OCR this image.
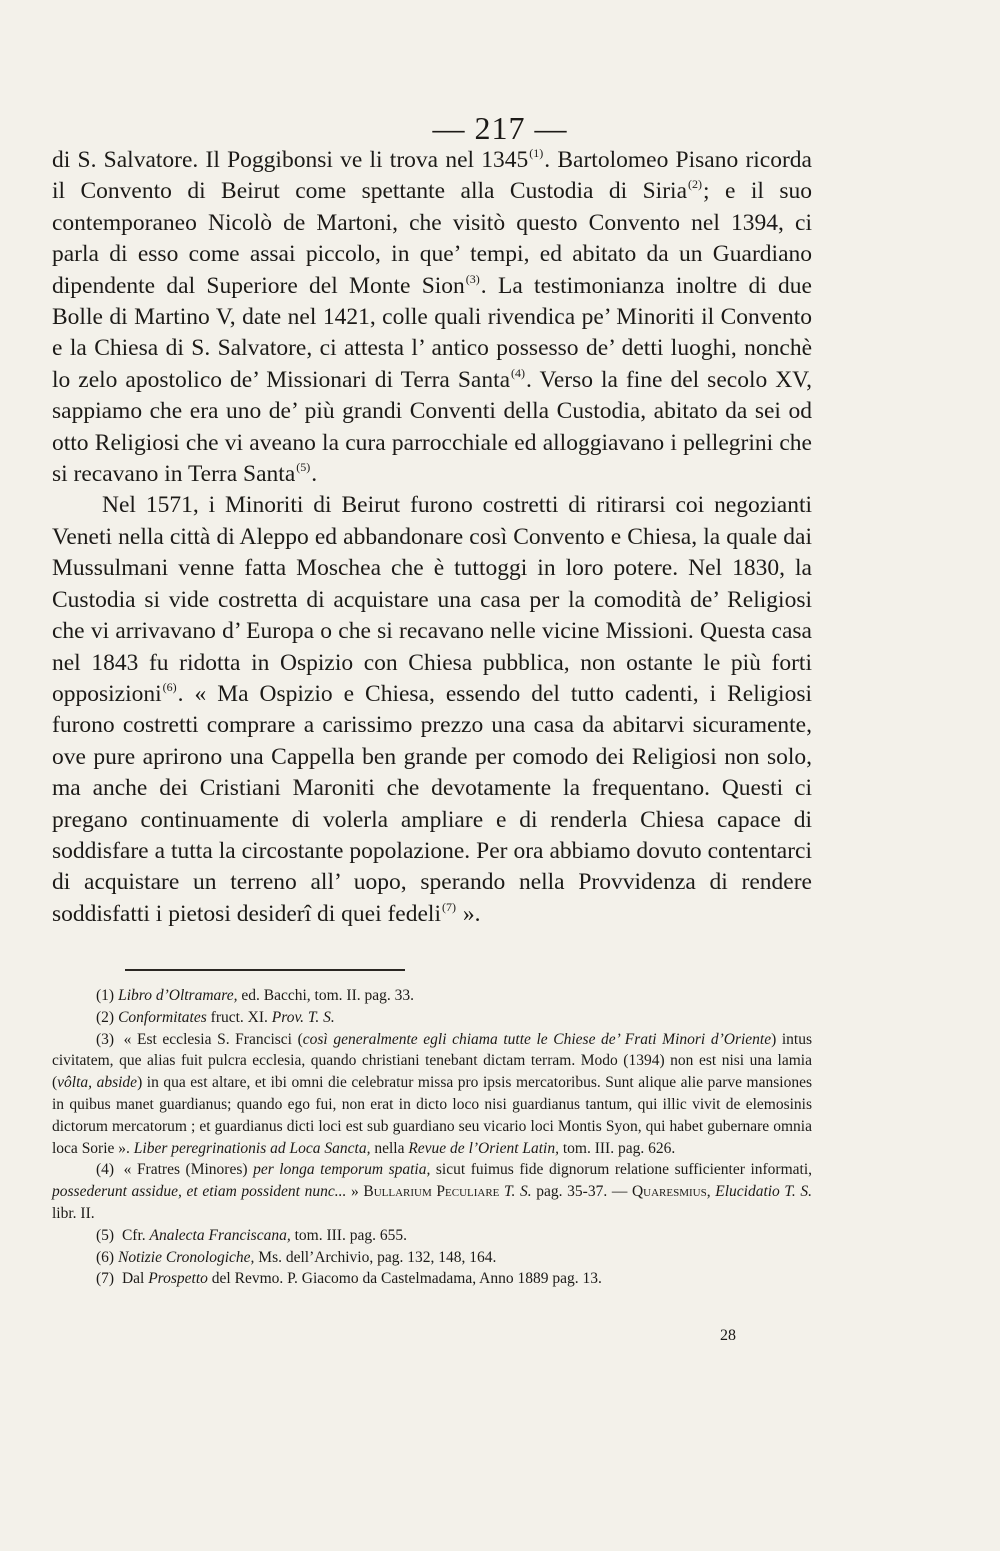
— 217 —

di S. Salvatore. Il Poggibonsi ve li trova nel 1345$^{(1)}$. Bartolomeo Pisano ricorda il Convento di Beirut come spettante alla Custodia di Siria$^{(2)}$; e il suo contemporaneo Nicolò de Martoni, che visitò questo Convento nel 1394, ci parla di esso come assai piccolo, in que’ tempi, ed abitato da un Guardiano dipendente dal Superiore del Monte Sion$^{(3)}$. La testimonianza inoltre di due Bolle di Martino V, date nel 1421, colle quali rivendica pe’ Minoriti il Convento e la Chiesa di S. Salvatore, ci attesta l’ antico possesso de’ detti luoghi, nonchè lo zelo apostolico de’ Missionari di Terra Santa$^{(4)}$. Verso la fine del secolo XV, sappiamo che era uno de’ più grandi Conventi della Custodia, abitato da sei od otto Religiosi che vi aveano la cura parrocchiale ed alloggiavano i pellegrini che si recavano in Terra Santa$^{(5)}$.

Nel 1571, i Minoriti di Beirut furono costretti di ritirarsi coi negozianti Veneti nella città di Aleppo ed abbandonare così Convento e Chiesa, la quale dai Mussulmani venne fatta Moschea che è tuttoggi in loro potere. Nel 1830, la Custodia si vide costretta di acquistare una casa per la comodità de’ Religiosi che vi arrivavano d’ Europa o che si recavano nelle vicine Missioni. Questa casa nel 1843 fu ridotta in Ospizio con Chiesa pubblica, non ostante le più forti opposizioni$^{(6)}$. « Ma Ospizio e Chiesa, essendo del tutto cadenti, i Religiosi furono costretti comprare a carissimo prezzo una casa da abitarvi sicuramente, ove pure aprirono una Cappella ben grande per comodo dei Religiosi non solo, ma anche dei Cristiani Maroniti che devotamente la frequentano. Questi ci pregano continuamente di volerla ampliare e di renderla Chiesa capace di soddisfare a tutta la circostante popolazione. Per ora abbiamo dovuto contentarci di acquistare un terreno all’ uopo, sperando nella Provvidenza di rendere soddisfatti i pietosi desiderî di quei fedeli$^{(7)}$ ».

(1) Libro d’Oltramare, ed. Bacchi, tom. II. pag. 33.

(2) Conformitates fruct. XI. Prov. T. S.

(3) « Est ecclesia S. Francisci (così generalmente egli chiama tutte le Chiese de’ Frati Minori d’Oriente) intus civitatem, que alias fuit pulcra ecclesia, quando christiani tenebant dictam terram. Modo (1394) non est nisi una lamia (vôlta, abside) in qua est altare, et ibi omni die celebratur missa pro ipsis mercatoribus. Sunt alique alie parve mansiones in quibus manet guardianus; quando ego fui, non erat in dicto loco nisi guardianus tantum, qui illic vivit de elemosinis dictorum mercatorum ; et guardianus dicti loci est sub guardiano seu vicario loci Montis Syon, qui habet gubernare omnia loca Sorie ». Liber peregrinationis ad Loca Sancta, nella Revue de l’Orient Latin, tom. III. pag. 626.

(4) « Fratres (Minores) per longa temporum spatia, sicut fuimus fide dignorum relatione sufficienter informati, possederunt assidue, et etiam possident nunc... » Bullarium Peculiare T. S. pag. 35-37. — Quaresmius, Elucidatio T. S. libr. II.

(5) Cfr. Analecta Franciscana, tom. III. pag. 655.

(6) Notizie Cronologiche, Ms. dell’Archivio, pag. 132, 148, 164.

(7) Dal Prospetto del Revmo. P. Giacomo da Castelmadama, Anno 1889 pag. 13.

28
